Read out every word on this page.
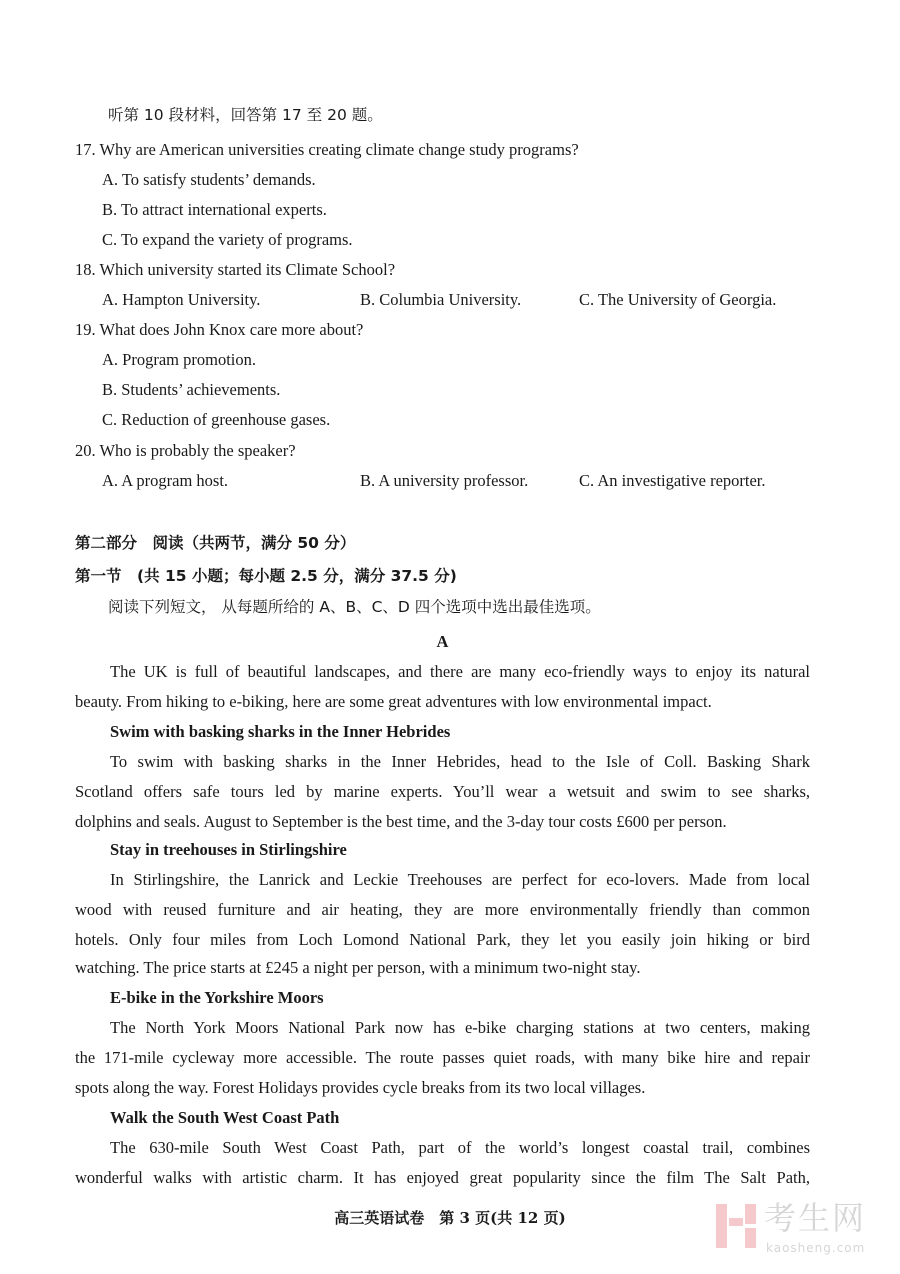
听第 10 段材料，回答第 17 至 20 题。
17. Why are American universities creating climate change study programs?
A. To satisfy students’ demands.
B. To attract international experts.
C. To expand the variety of programs.
18. Which university started its Climate School?
A. Hampton University.	B. Columbia University.	C. The University of Georgia.
19. What does John Knox care more about?
A. Program promotion.
B. Students’ achievements.
C. Reduction of greenhouse gases.
20. Who is probably the speaker?
A. A program host.	B. A university professor.	C. An investigative reporter.
第二部分　阅读（共两节，满分 50 分）
第一节　(共 15 小题；每小题 2.5 分，满分 37.5 分)
阅读下列短文， 从每题所给的 A、B、C、D 四个选项中选出最佳选项。
A
The UK is full of beautiful landscapes, and there are many eco-friendly ways to enjoy its natural
beauty. From hiking to e-biking, here are some great adventures with low environmental impact.
Swim with basking sharks in the Inner Hebrides
To swim with basking sharks in the Inner Hebrides, head to the Isle of Coll. Basking Shark
Scotland offers safe tours led by marine experts. You’ll wear a wetsuit and swim to see sharks,
dolphins and seals. August to September is the best time, and the 3-day tour costs £600 per person.
Stay in treehouses in Stirlingshire
In Stirlingshire, the Lanrick and Leckie Treehouses are perfect for eco-lovers. Made from local
wood with reused furniture and air heating, they are more environmentally friendly than common
hotels. Only four miles from Loch Lomond National Park, they let you easily join hiking or bird
watching. The price starts at £245 a night per person, with a minimum two-night stay.
E-bike in the Yorkshire Moors
The North York Moors National Park now has e-bike charging stations at two centers, making
the 171-mile cycleway more accessible. The route passes quiet roads, with many bike hire and repair
spots along the way. Forest Holidays provides cycle breaks from its two local villages.
Walk the South West Coast Path
The 630-mile South West Coast Path, part of the world’s longest coastal trail, combines
wonderful walks with artistic charm. It has enjoyed great popularity since the film The Salt Path,
高三英语试卷　第 3 页(共 12 页)	考生网
kaosheng.com
